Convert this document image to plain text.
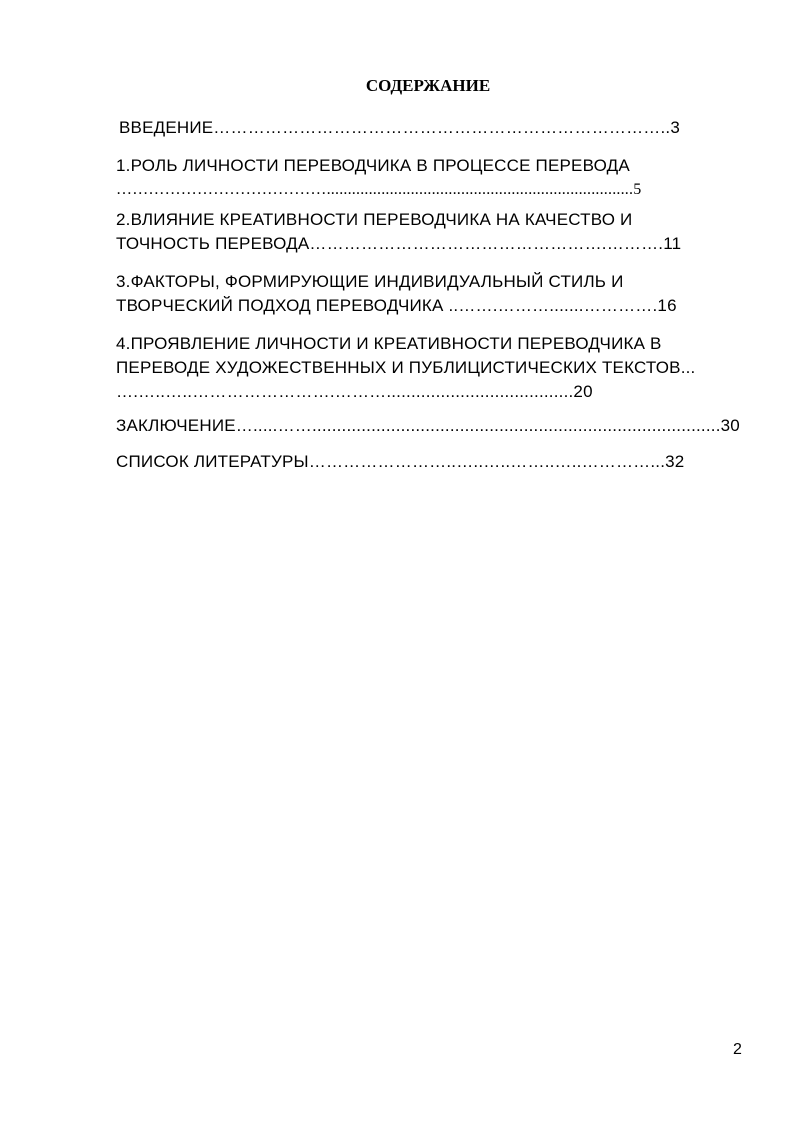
СОДЕРЖАНИЕ
ВВЕДЕНИЕ……………………………………………………………………..3
1.РОЛЬ ЛИЧНОСТИ ПЕРЕВОДЧИКА В ПРОЦЕССЕ ПЕРЕВОДА
………………………………….........................................................................5
2.ВЛИЯНИЕ КРЕАТИВНОСТИ ПЕРЕВОДЧИКА НА КАЧЕСТВО И
ТОЧНОСТЬ ПЕРЕВОДА…………………………………………….……….11
3.ФАКТОРЫ, ФОРМИРУЮЩИЕ ИНДИВИДУАЛЬНЫЙ СТИЛЬ И
ТВОРЧЕСКИЙ ПОДХОД ПЕРЕВОДЧИКА ..…….……….......………….16
4.ПРОЯВЛЕНИЕ ЛИЧНОСТИ И КРЕАТИВНОСТИ ПЕРЕВОДЧИКА В
ПЕРЕВОДЕ ХУДОЖЕСТВЕННЫХ И ПУБЛИЦИСТИЧЕСКИХ ТЕКСТОВ...
….…..…..…………………….………......................................20
ЗАКЛЮЧЕНИЕ….....……...................................................................................30
СПИСОК ЛИТЕРАТУРЫ……………………..…..…..……..…..…………...32
2
